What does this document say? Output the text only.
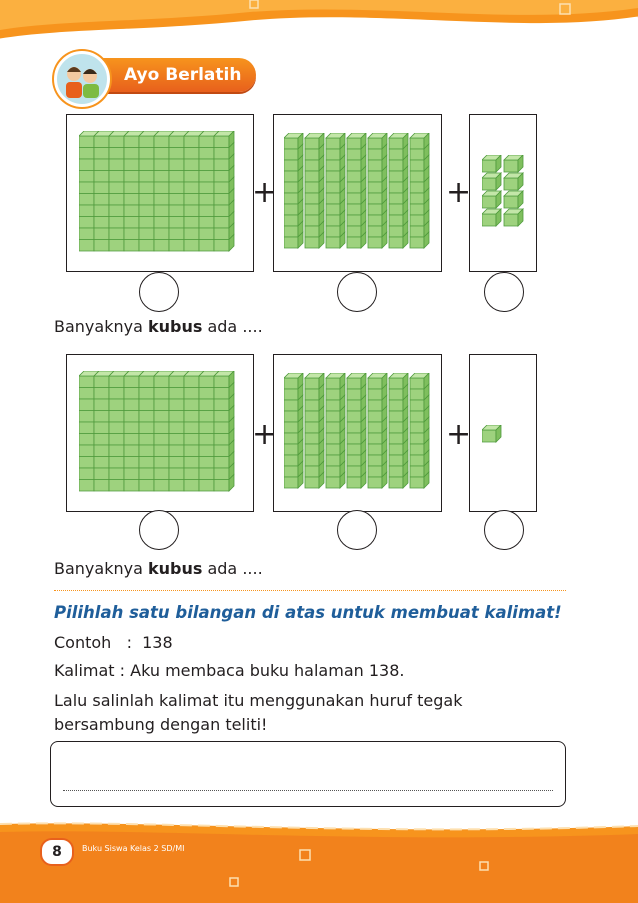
Ayo Berlatih
+	+
Banyaknya kubus ada ....
+	+
Banyaknya kubus ada ....
Pilihlah satu bilangan di atas untuk membuat kalimat!
Contoh   :  138
Kalimat : Aku membaca buku halaman 138.
Lalu salinlah kalimat itu menggunakan huruf tegak
bersambung dengan teliti!
8	Buku Siswa Kelas 2 SD/MI
